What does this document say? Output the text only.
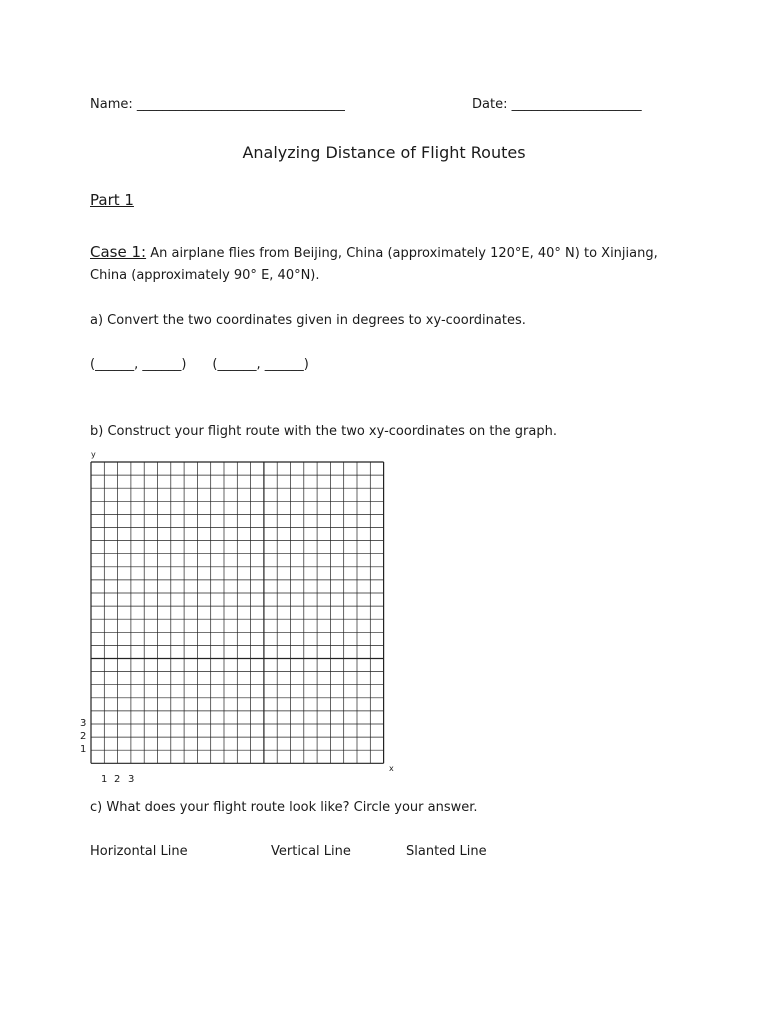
Name: ________________________________	Date: ____________________
Analyzing Distance of Flight Routes
Part 1
Case 1: An airplane flies from Beijing, China (approximately 120°E, 40° N) to Xinjiang,
China (approximately 90° E, 40°N).
a) Convert the two coordinates given in degrees to xy-coordinates.
(______, ______) (______, ______)
b) Construct your flight route with the two xy-coordinates on the graph.
y
x
3
2
1
1 2 3
c) What does your flight route look like? Circle your answer.
Horizontal Line	Vertical Line	Slanted Line
